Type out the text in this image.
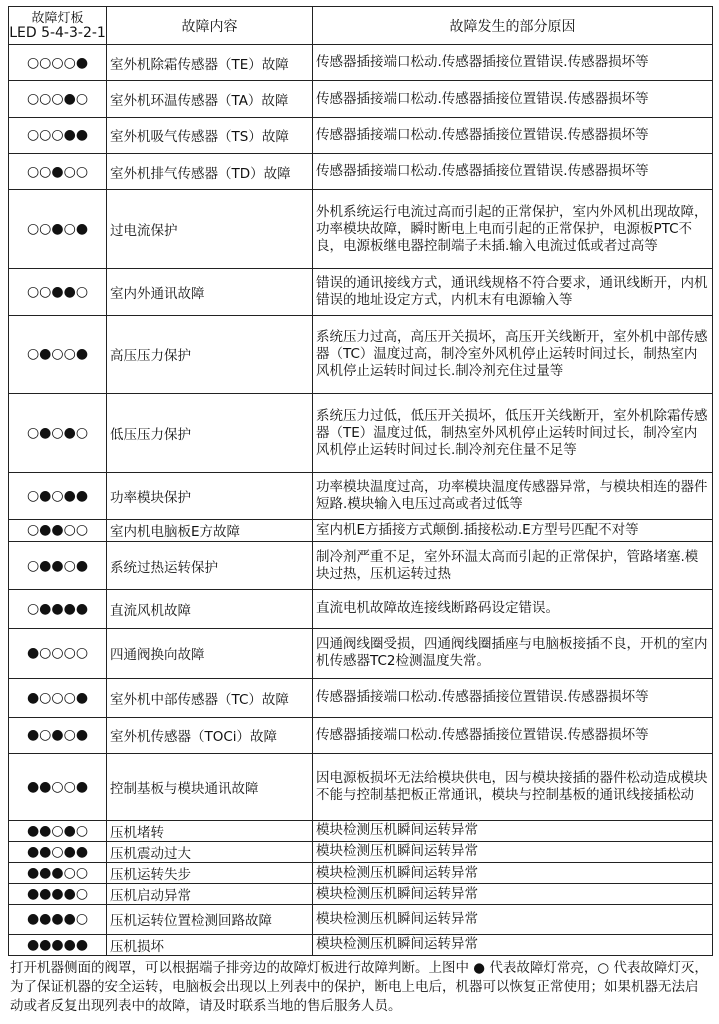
故障灯板
LED 5-4-3-2-1	故障内容	故障发生的部分原因
○○○○●	室外机除霜传感器（TE）故障	传感器插接端口松动.传感器插接位置错误.传感器损坏等
○○○●○	室外机环温传感器（TA）故障	传感器插接端口松动.传感器插接位置错误.传感器损坏等
○○○●●	室外机吸气传感器（TS）故障	传感器插接端口松动.传感器插接位置错误.传感器损坏等
○○●○○	室外机排气传感器（TD）故障	传感器插接端口松动.传感器插接位置错误.传感器损坏等
○○●○●	过电流保护	外机系统运行电流过高而引起的正常保护，室内外风机出现故障，功率模块故障，瞬时断电上电而引起的正常保护，电源板PTC不良，电源板继电器控制端子未插.输入电流过低或者过高等
○○●●○	室内外通讯故障	错误的通讯接线方式，通讯线规格不符合要求，通讯线断开，内机错误的地址设定方式，内机末有电源输入等
○●○○●	高压压力保护	系统压力过高，高压开关损坏，高压开关线断开，室外机中部传感器（TC）温度过高，制冷室外风机停止运转时间过长，制热室内风机停止运转时间过长.制冷剂充住过量等
○●○●○	低压压力保护	系统压力过低，低压开关损坏，低压开关线断开，室外机除霜传感器（TE）温度过低，制热室外风机停止运转时间过长，制冷室内风机停止运转时间过长.制冷剂充住量不足等
○●○●●	功率模块保护	功率模块温度过高，功率模块温度传感器异常，与模块相连的器件短路.模块输入电压过高或者过低等
○●●○○	室内机电脑板E方故障	室内机E方插接方式颠倒.插接松动.E方型号匹配不对等
○●●○●	系统过热运转保护	制冷剂严重不足，室外环温太高而引起的正常保护，管路堵塞.模块过热，压机运转过热
○●●●●	直流风机故障	直流电机故障故连接线断路码设定错误。
●○○○○	四通阀换向故障	四通阀线圈受损，四通阀线圈插座与电脑板接插不良，开机的室内机传感器TC2检测温度失常。
●○○○●	室外机中部传感器（TC）故障	传感器插接端口松动.传感器插接位置错误.传感器损坏等
●○●○●	室外机传感器（TOCi）故障	传感器插接端口松动.传感器插接位置错误.传感器损坏等
●●○○●	控制基板与模块通讯故障	因电源板损坏无法给模块供电，因与模块接插的器件松动造成模块不能与控制基把板正常通讯，模块与控制基板的通讯线接插松动
●●○●○	压机堵转	模块检测压机瞬间运转异常
●●○●●	压机震动过大	模块检测压机瞬间运转异常
●●●○○	压机运转失步	模块检测压机瞬间运转异常
●●●●○	压机启动异常	模块检测压机瞬间运转异常
●●●●○	压机运转位置检测回路故障	模块检测压机瞬间运转异常
●●●●●	压机损坏	模块检测压机瞬间运转异常
打开机器侧面的阀罩，可以根据端子排旁边的故障灯板进行故障判断。上图中 ● 代表故障灯常亮，○ 代表故障灯灭，为了保证机器的安全运转，电脑板会出现以上列表中的保护，断电上电后，机器可以恢复正常使用；如果机器无法启动或者反复出现列表中的故障，请及时联系当地的售后服务人员。
